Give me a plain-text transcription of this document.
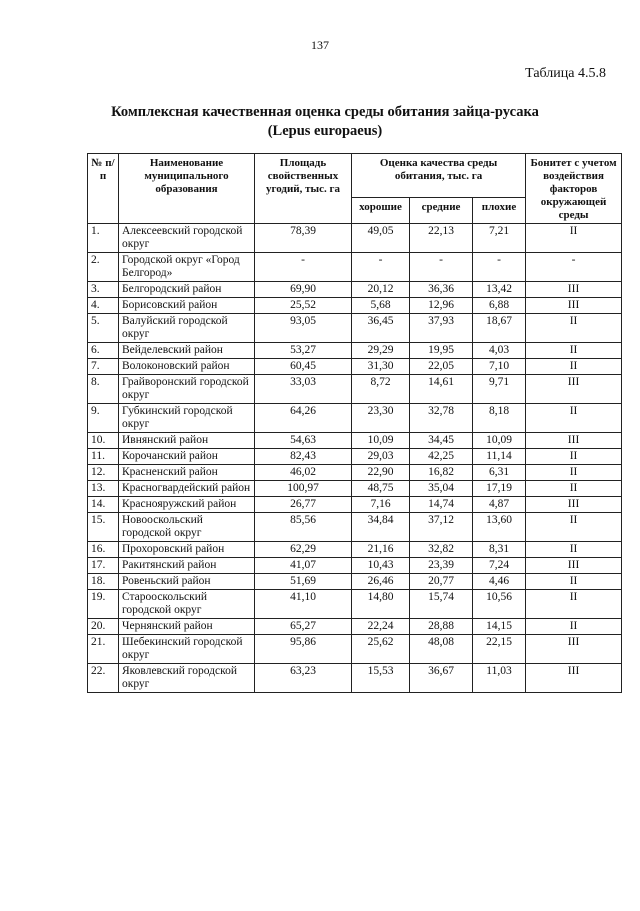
137
Таблица 4.5.8
Комплексная качественная оценка среды обитания зайца-русака
(Lepus europaeus)
№ п/п	Наименование муниципального образования	Площадь свойственных угодий, тыс. га	Оценка качества среды обитания, тыс. га			Бонитет с учетом воздействия факторов окружающей среды
			хорошие	средние	плохие	
1.	Алексеевский городской округ	78,39	49,05	22,13	7,21	II
2.	Городской округ «Город Белгород»	-	-	-	-	-
3.	Белгородский район	69,90	20,12	36,36	13,42	III
4.	Борисовский район	25,52	5,68	12,96	6,88	III
5.	Валуйский городской округ	93,05	36,45	37,93	18,67	II
6.	Вейделевский район	53,27	29,29	19,95	4,03	II
7.	Волоконовский район	60,45	31,30	22,05	7,10	II
8.	Грайворонский городской округ	33,03	8,72	14,61	9,71	III
9.	Губкинский городской округ	64,26	23,30	32,78	8,18	II
10.	Ивнянский район	54,63	10,09	34,45	10,09	III
11.	Корочанский район	82,43	29,03	42,25	11,14	II
12.	Красненский район	46,02	22,90	16,82	6,31	II
13.	Красногвардейский район	100,97	48,75	35,04	17,19	II
14.	Краснояружский район	26,77	7,16	14,74	4,87	III
15.	Новооскольский городской округ	85,56	34,84	37,12	13,60	II
16.	Прохоровский район	62,29	21,16	32,82	8,31	II
17.	Ракитянский район	41,07	10,43	23,39	7,24	III
18.	Ровеньский район	51,69	26,46	20,77	4,46	II
19.	Старооскольский городской округ	41,10	14,80	15,74	10,56	II
20.	Чернянский район	65,27	22,24	28,88	14,15	II
21.	Шебекинский городской округ	95,86	25,62	48,08	22,15	III
22.	Яковлевский городской округ	63,23	15,53	36,67	11,03	III
